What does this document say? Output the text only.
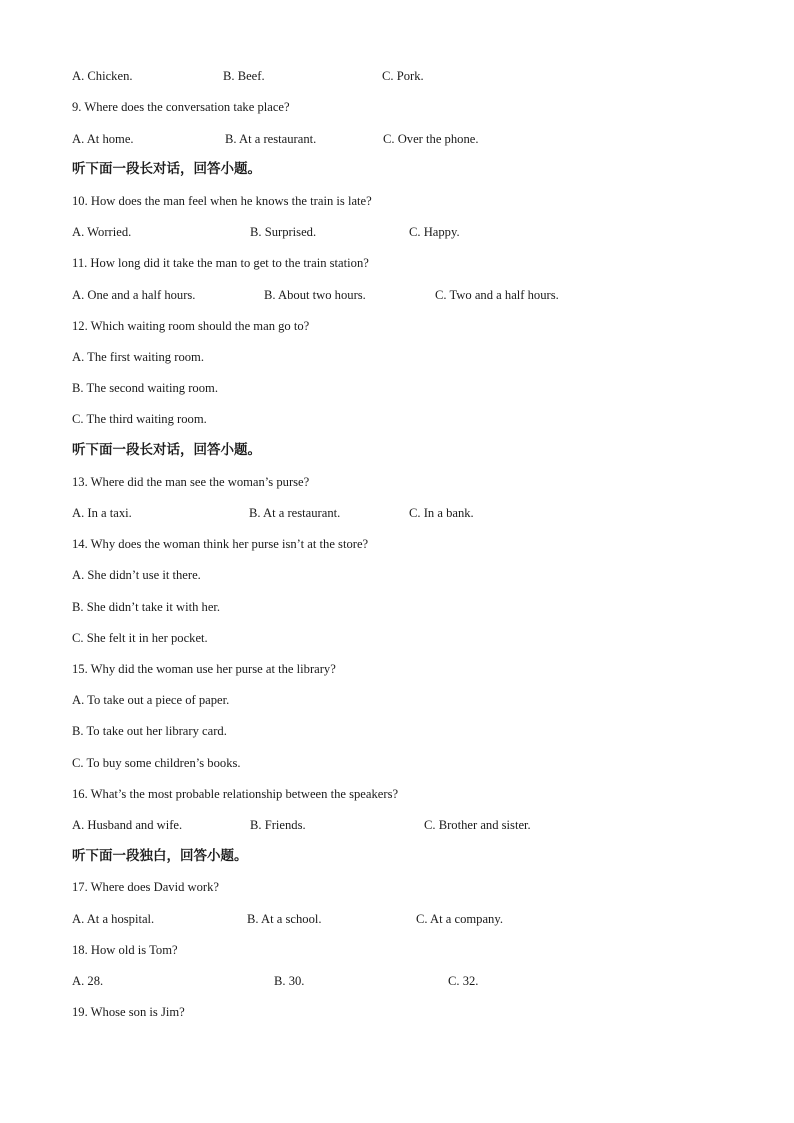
A. Chicken.	B. Beef.	C. Pork.
9. Where does the conversation take place?
A. At home.	B. At a restaurant.	C. Over the phone.
听下面一段长对话，回答小题。
10. How does the man feel when he knows the train is late?
A. Worried.	B. Surprised.	C. Happy.
11. How long did it take the man to get to the train station?
A. One and a half hours.	B. About two hours.	C. Two and a half hours.
12. Which waiting room should the man go to?
A. The first waiting room.
B. The second waiting room.
C. The third waiting room.
听下面一段长对话，回答小题。
13. Where did the man see the woman’s purse?
A. In a taxi.	B. At a restaurant.	C. In a bank.
14. Why does the woman think her purse isn’t at the store?
A. She didn’t use it there.
B. She didn’t take it with her.
C. She felt it in her pocket.
15. Why did the woman use her purse at the library?
A. To take out a piece of paper.
B. To take out her library card.
C. To buy some children’s books.
16. What’s the most probable relationship between the speakers?
A. Husband and wife.	B. Friends.	C. Brother and sister.
听下面一段独白，回答小题。
17. Where does David work?
A. At a hospital.	B. At a school.	C. At a company.
18. How old is Tom?
A. 28.	B. 30.	C. 32.
19. Whose son is Jim?
